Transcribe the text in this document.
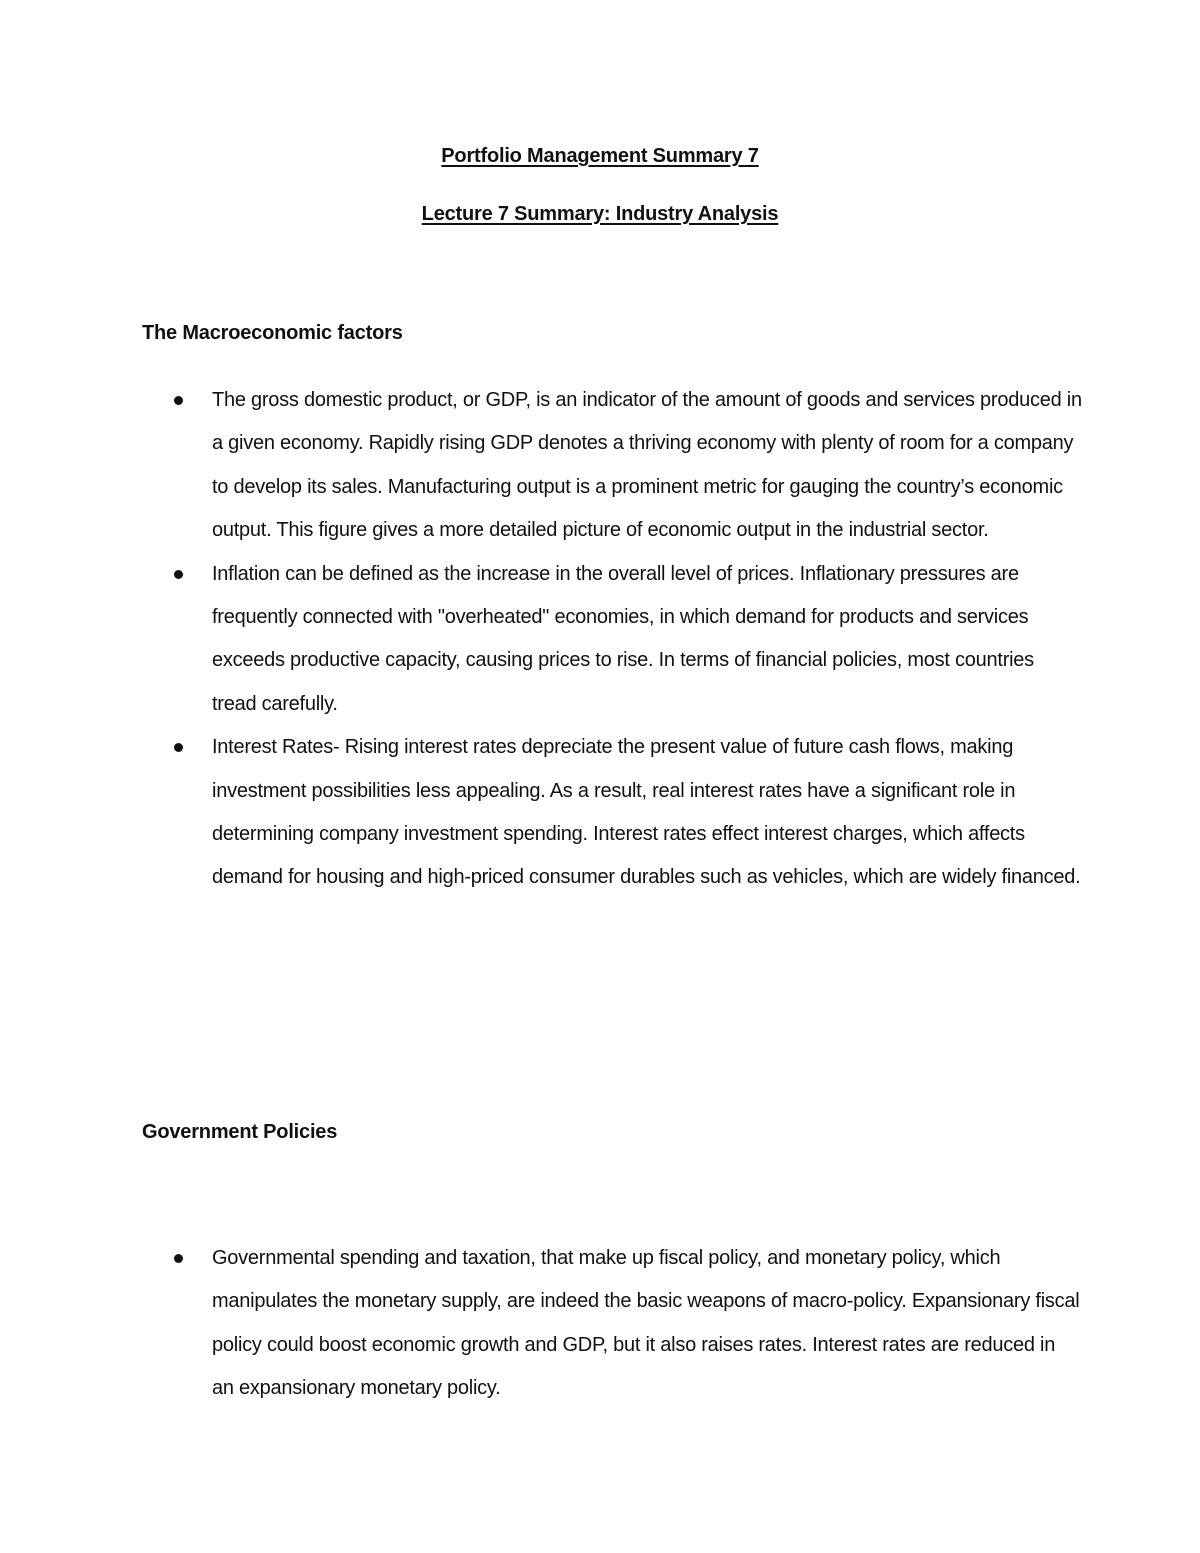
Portfolio Management Summary 7
Lecture 7 Summary: Industry Analysis
The Macroeconomic factors
The gross domestic product, or GDP, is an indicator of the amount of goods and services produced in a given economy. Rapidly rising GDP denotes a thriving economy with plenty of room for a company to develop its sales. Manufacturing output is a prominent metric for gauging the country’s economic output. This figure gives a more detailed picture of economic output in the industrial sector.
Inflation can be defined as the increase in the overall level of prices. Inflationary pressures are frequently connected with "overheated" economies, in which demand for products and services exceeds productive capacity, causing prices to rise. In terms of financial policies, most countries tread carefully.
Interest Rates- Rising interest rates depreciate the present value of future cash flows, making investment possibilities less appealing. As a result, real interest rates have a significant role in determining company investment spending. Interest rates effect interest charges, which affects demand for housing and high-priced consumer durables such as vehicles, which are widely financed.
Government Policies
Governmental spending and taxation, that make up fiscal policy, and monetary policy, which manipulates the monetary supply, are indeed the basic weapons of macro-policy. Expansionary fiscal policy could boost economic growth and GDP, but it also raises rates. Interest rates are reduced in an expansionary monetary policy.
